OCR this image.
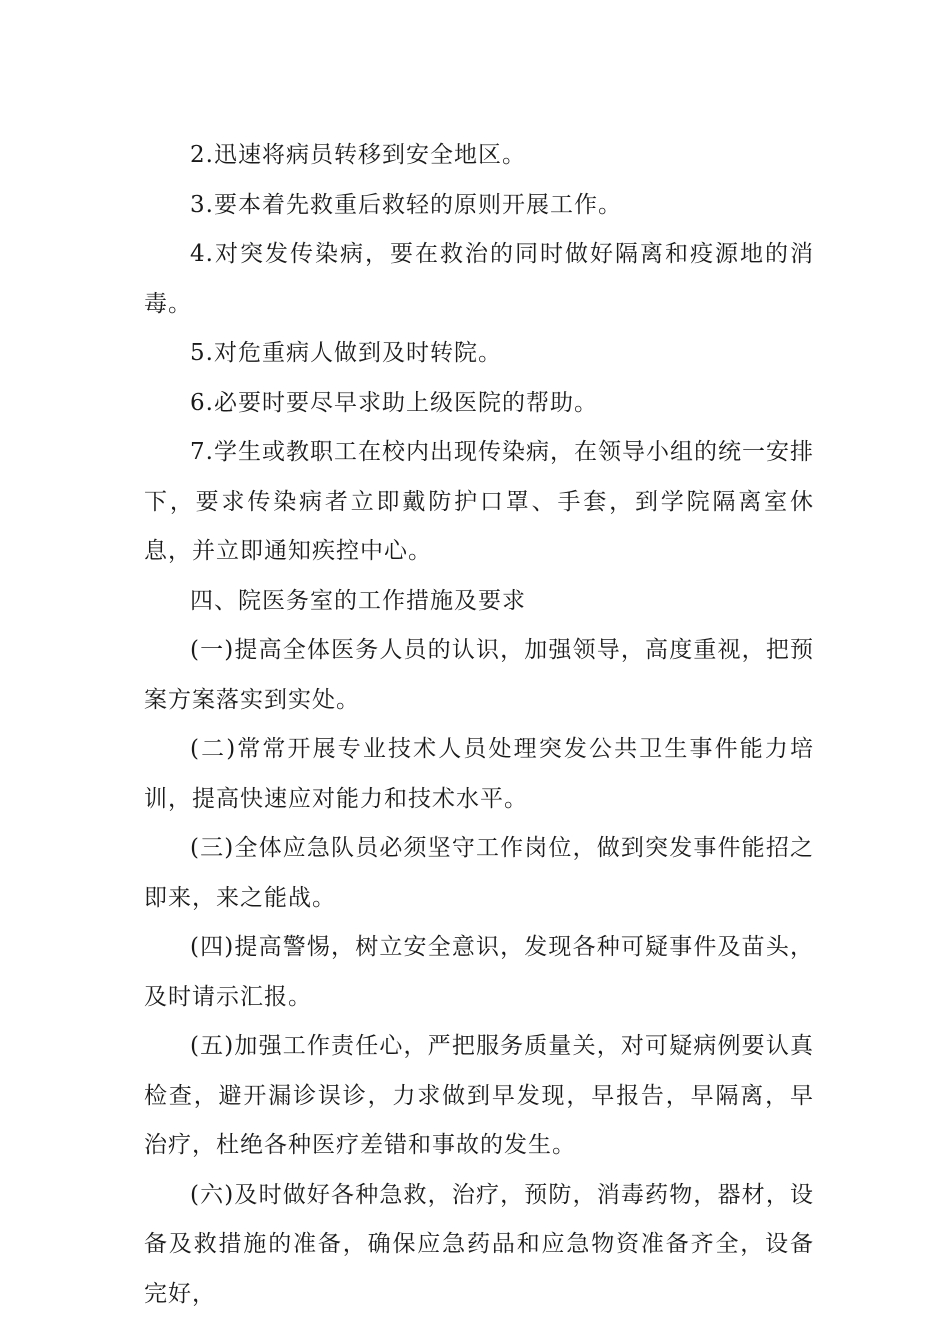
2.迅速将病员转移到安全地区。

3.要本着先救重后救轻的原则开展工作。

4.对突发传染病，要在救治的同时做好隔离和疫源地的消毒。

5.对危重病人做到及时转院。

6.必要时要尽早求助上级医院的帮助。

7.学生或教职工在校内出现传染病，在领导小组的统一安排下，要求传染病者立即戴防护口罩、手套，到学院隔离室休息，并立即通知疾控中心。

四、院医务室的工作措施及要求

(一)提高全体医务人员的认识，加强领导，高度重视，把预案方案落实到实处。

(二)常常开展专业技术人员处理突发公共卫生事件能力培训，提高快速应对能力和技术水平。

(三)全体应急队员必须坚守工作岗位，做到突发事件能招之即来，来之能战。

(四)提高警惕，树立安全意识，发现各种可疑事件及苗头，及时请示汇报。

(五)加强工作责任心，严把服务质量关，对可疑病例要认真检查，避开漏诊误诊，力求做到早发现，早报告，早隔离，早治疗，杜绝各种医疗差错和事故的发生。

(六)及时做好各种急救，治疗，预防，消毒药物，器材，设备及救措施的准备，确保应急药品和应急物资准备齐全，设备完好，
